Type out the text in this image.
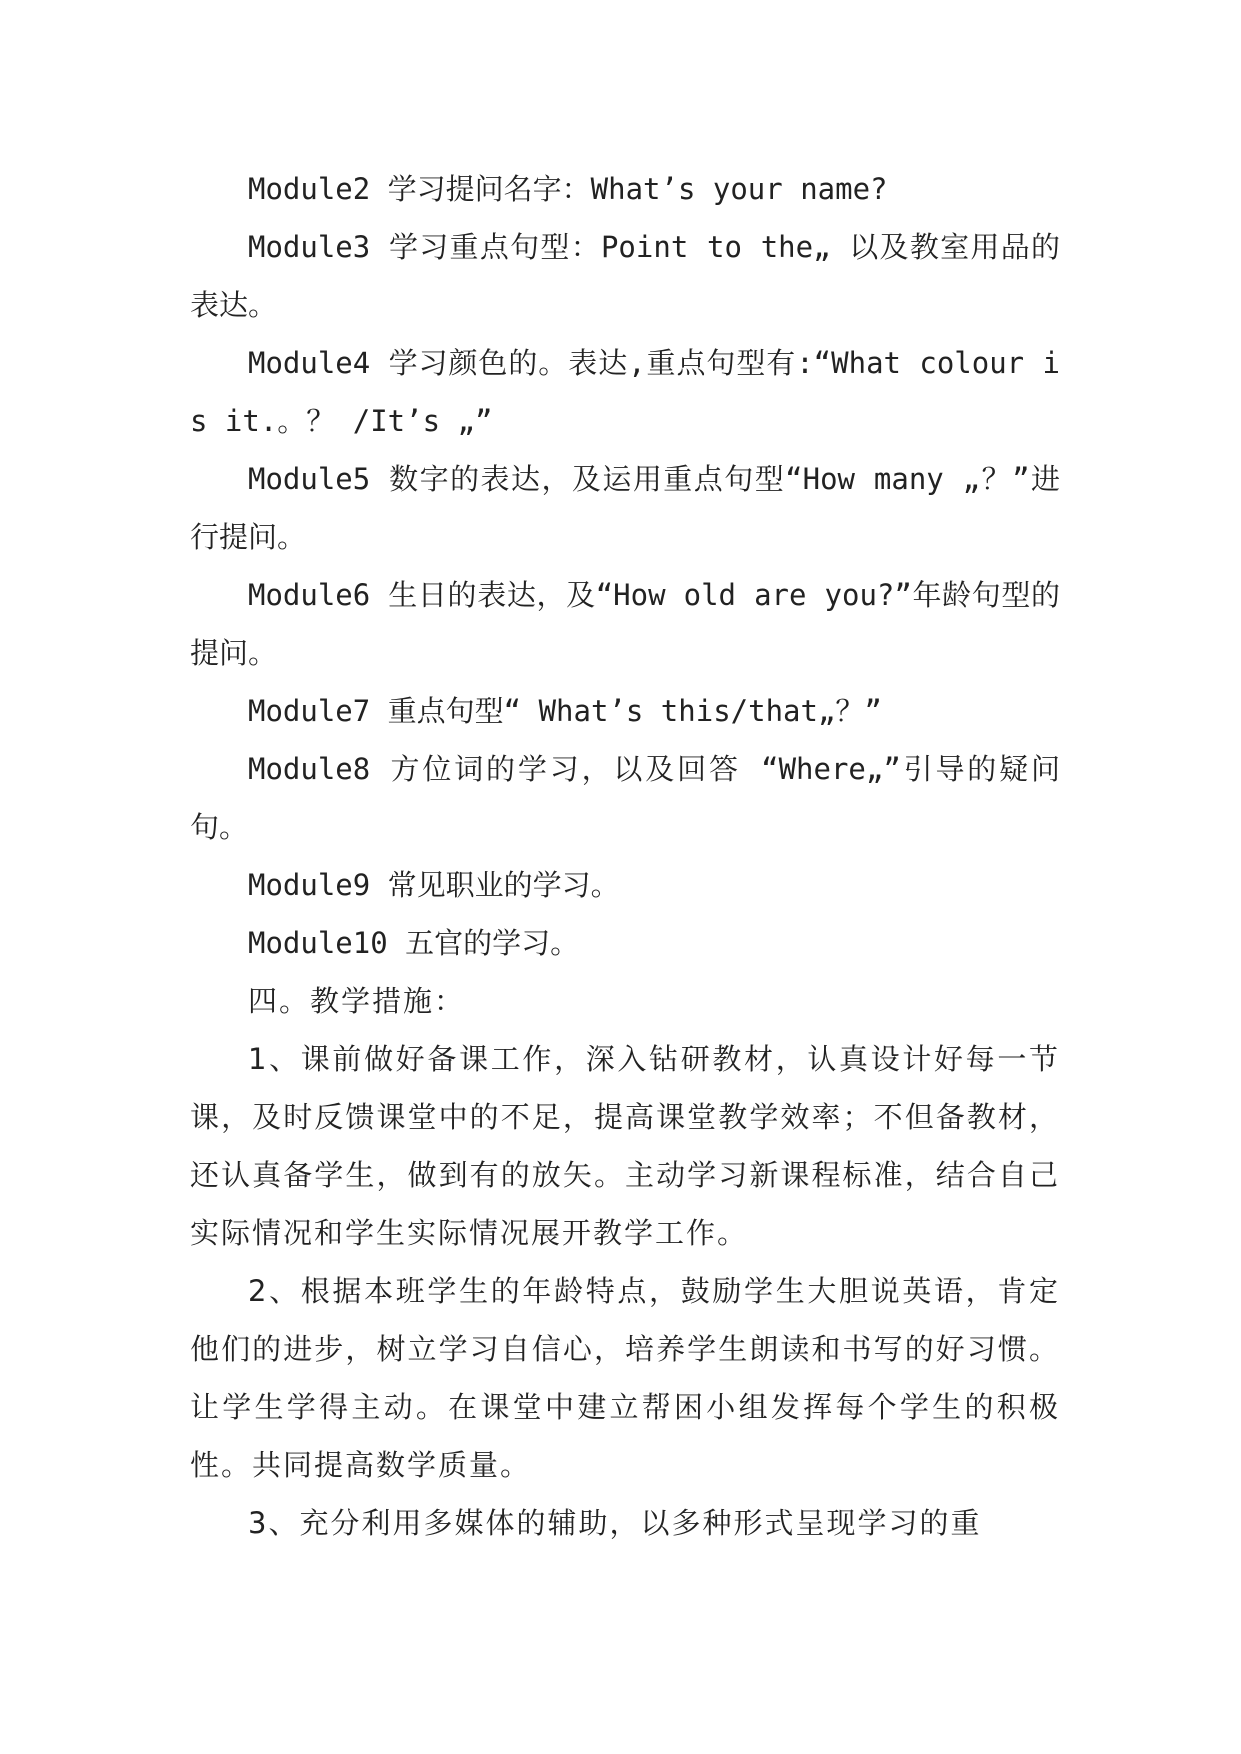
Module2 学习提问名字：What’s your name?

Module3 学习重点句型：Point to the„ 以及教室用品的表达。

Module4 学习颜色的。表达,重点句型有:“What colour is it.。？ /It’s „”

Module5 数字的表达，及运用重点句型“How many „？”进行提问。

Module6 生日的表达，及“How old are you?”年龄句型的提问。

Module7 重点句型“ What’s this/that„？”

Module8 方位词的学习，以及回答 “Where„”引导的疑问句。

Module9 常见职业的学习。

Module10 五官的学习。

四。教学措施：

1、课前做好备课工作，深入钻研教材，认真设计好每一节课，及时反馈课堂中的不足，提高课堂教学效率；不但备教材，还认真备学生，做到有的放矢。主动学习新课程标准，结合自己实际情况和学生实际情况展开教学工作。

2、根据本班学生的年龄特点，鼓励学生大胆说英语，肯定他们的进步，树立学习自信心，培养学生朗读和书写的好习惯。让学生学得主动。在课堂中建立帮困小组发挥每个学生的积极性。共同提高数学质量。

3、充分利用多媒体的辅助，以多种形式呈现学习的重
